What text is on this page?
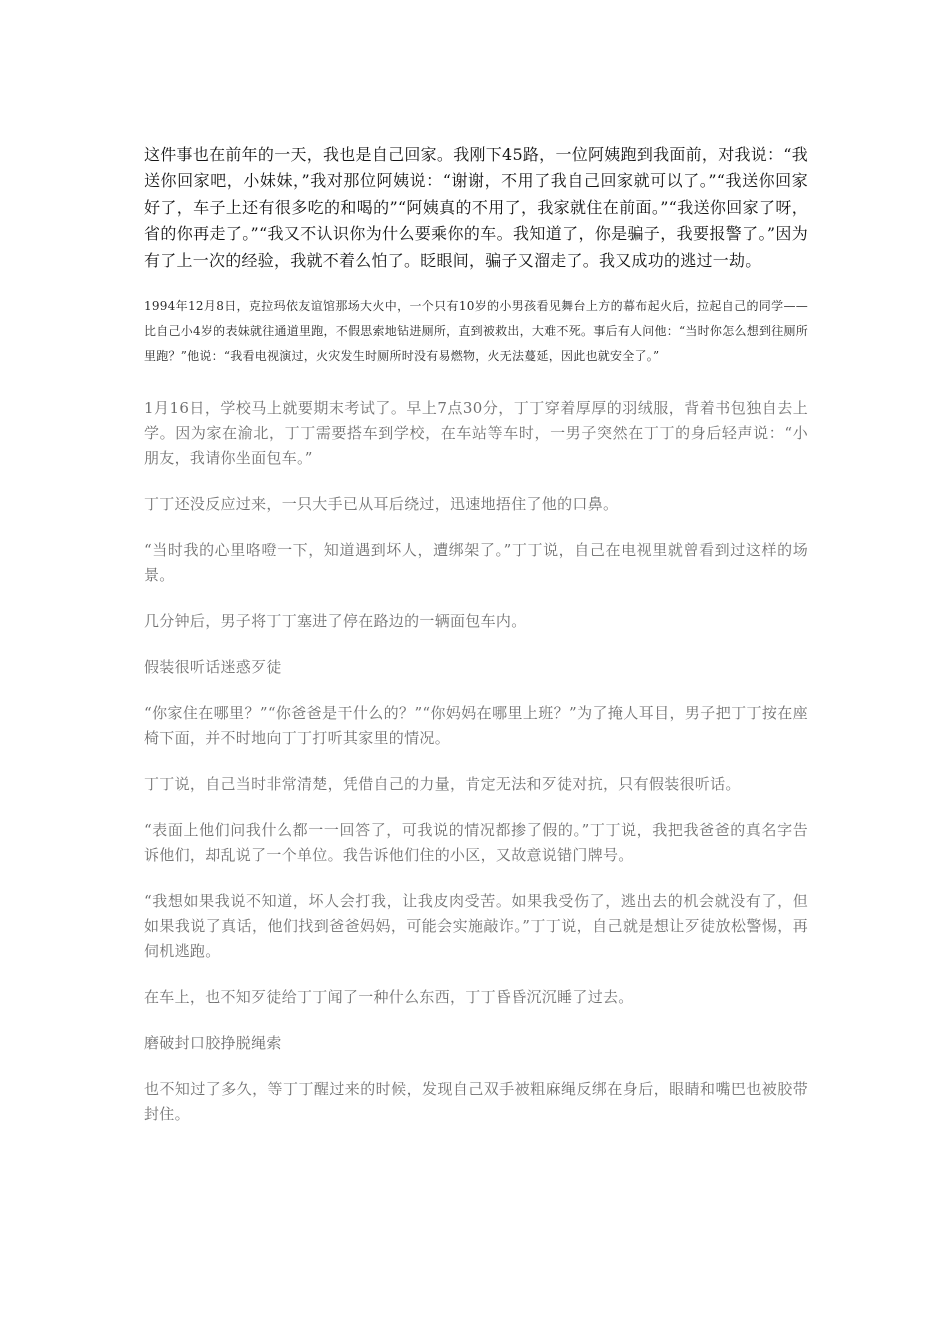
这件事也在前年的一天，我也是自己回家。我刚下45路，一位阿姨跑到我面前，对我说：“我送你回家吧，小妹妹，”我对那位阿姨说：“谢谢，不用了我自己回家就可以了。”“我送你回家好了，车子上还有很多吃的和喝的”“阿姨真的不用了，我家就住在前面。”“我送你回家了呀，省的你再走了。”“我又不认识你为什么要乘你的车。我知道了，你是骗子，我要报警了。”因为有了上一次的经验，我就不着么怕了。眨眼间，骗子又溜走了。我又成功的逃过一劫。

1994年12月8日，克拉玛依友谊馆那场大火中，一个只有10岁的小男孩看见舞台上方的幕布起火后，拉起自己的同学——比自己小4岁的表妹就往通道里跑，不假思索地钻进厕所，直到被救出，大难不死。事后有人问他：“当时你怎么想到往厕所里跑？”他说：“我看电视演过，火灾发生时厕所时没有易燃物，火无法蔓延，因此也就安全了。”

1月16日，学校马上就要期末考试了。早上7点30分，丁丁穿着厚厚的羽绒服，背着书包独自去上学。因为家在渝北，丁丁需要搭车到学校，在车站等车时，一男子突然在丁丁的身后轻声说：“小朋友，我请你坐面包车。”

丁丁还没反应过来，一只大手已从耳后绕过，迅速地捂住了他的口鼻。

“当时我的心里咯噔一下，知道遇到坏人，遭绑架了。”丁丁说，自己在电视里就曾看到过这样的场景。

几分钟后，男子将丁丁塞进了停在路边的一辆面包车内。

假装很听话迷惑歹徒

“你家住在哪里？”“你爸爸是干什么的？”“你妈妈在哪里上班？”为了掩人耳目，男子把丁丁按在座椅下面，并不时地向丁丁打听其家里的情况。

丁丁说，自己当时非常清楚，凭借自己的力量，肯定无法和歹徒对抗，只有假装很听话。

“表面上他们问我什么都一一回答了，可我说的情况都掺了假的。”丁丁说，我把我爸爸的真名字告诉他们，却乱说了一个单位。我告诉他们住的小区，又故意说错门牌号。

“我想如果我说不知道，坏人会打我，让我皮肉受苦。如果我受伤了，逃出去的机会就没有了，但如果我说了真话，他们找到爸爸妈妈，可能会实施敲诈。”丁丁说，自己就是想让歹徒放松警惕，再伺机逃跑。

在车上，也不知歹徒给丁丁闻了一种什么东西，丁丁昏昏沉沉睡了过去。

磨破封口胶挣脱绳索

也不知过了多久，等丁丁醒过来的时候，发现自己双手被粗麻绳反绑在身后，眼睛和嘴巴也被胶带封住。
